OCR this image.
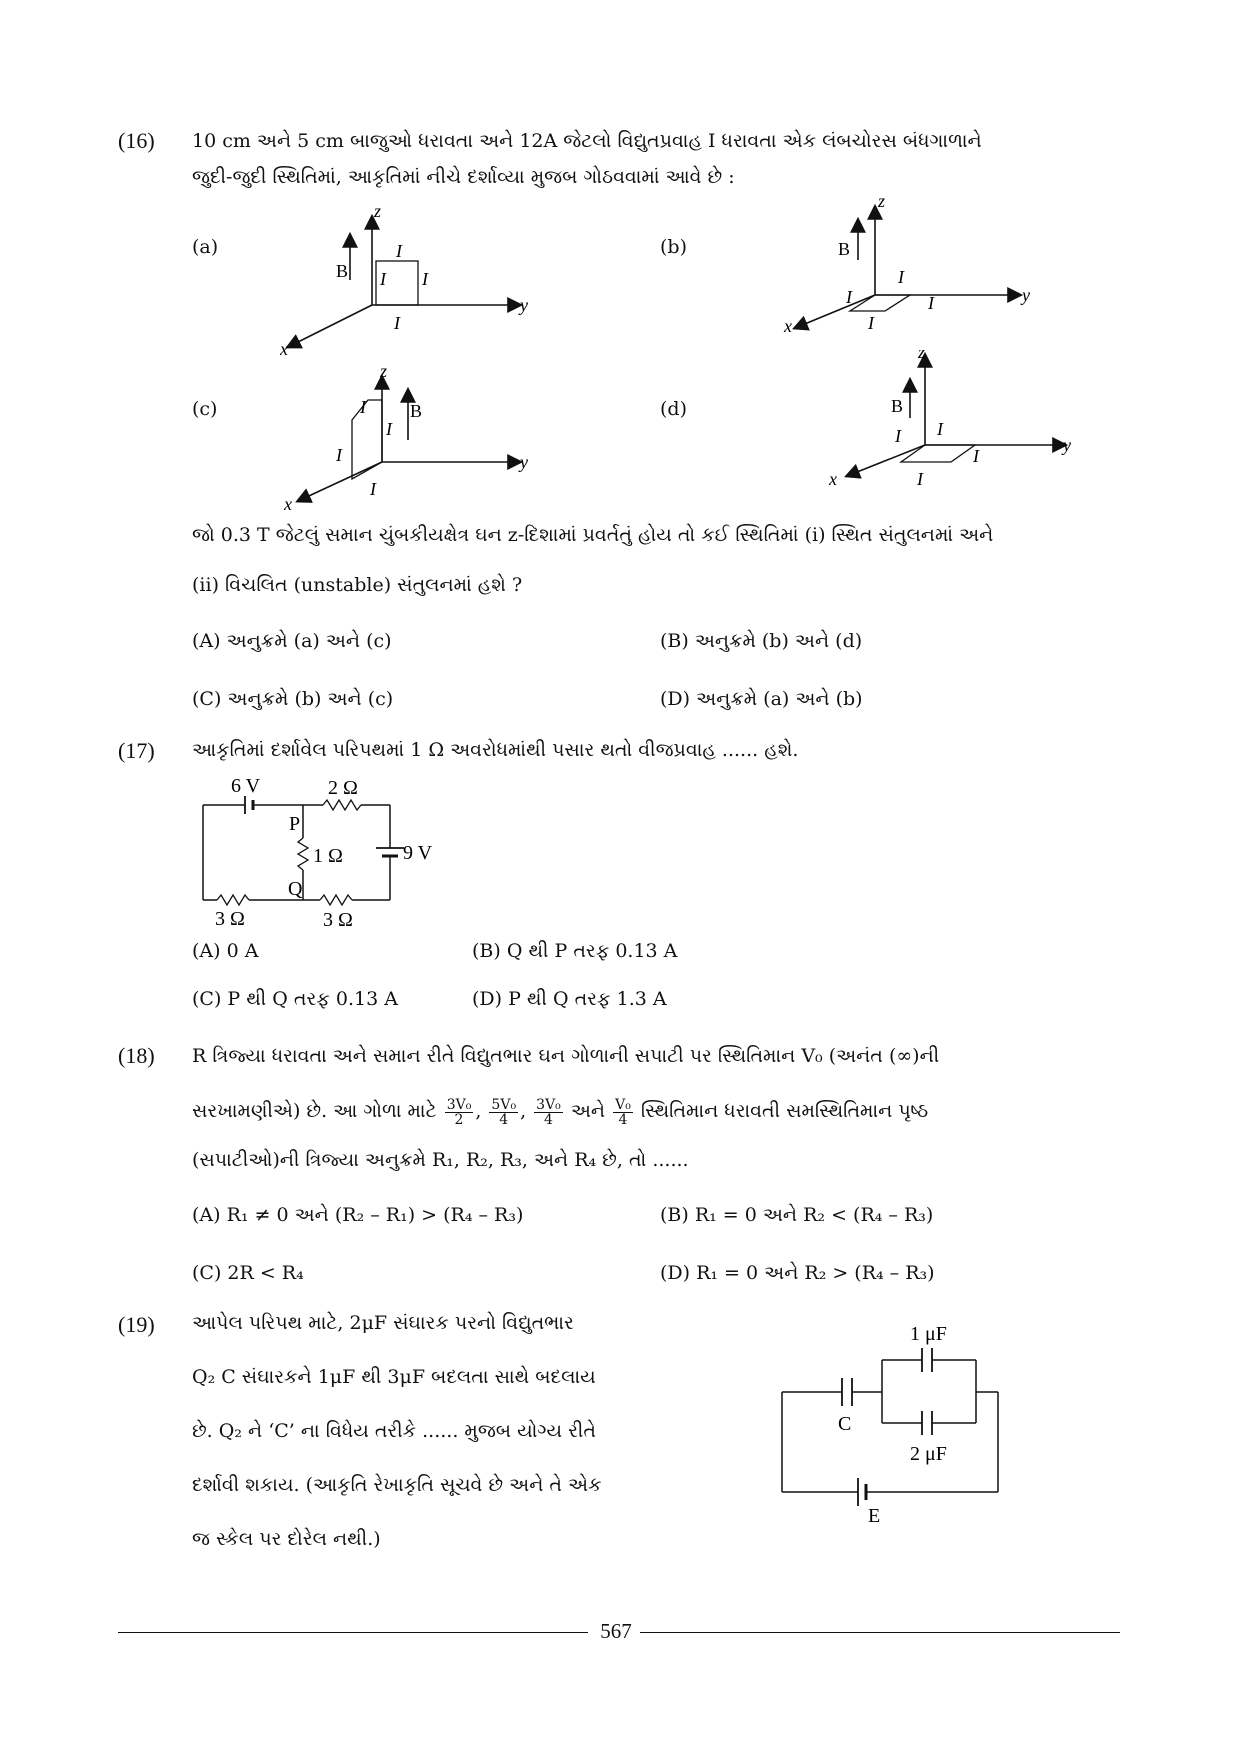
(16) 10 cm અને 5 cm બાજુઓ ધરાવતા અને 12A જેટલો વિદ્યુતપ્રવાહ I ધરાવતા એક લંબચોરસ બંધગાળાને
જુદી-જુદી સ્થિતિમાં, આકૃતિમાં નીચે દર્શાવ્યા મુજબ ગોઠવવામાં આવે છે :
(a)	(b)
(c)	(d)
z
B
I
I I
I
y
x
z
B
I
I	I
I
y
x
z
B
I
I
I
I
y
x
z
B
I
I
I
I
y
x
જો 0.3 T જેટલું સમાન ચુંબકીયક્ષેત્ર ઘન z-દિશામાં પ્રવર્તતું હોય તો કઈ સ્થિતિમાં (i) સ્થિત સંતુલનમાં અને
(ii) વિચલિત (unstable) સંતુલનમાં હશે ?
(A) અનુક્રમે (a) અને (c)	(B) અનુક્રમે (b) અને (d)
(C) અનુક્રમે (b) અને (c)	(D) અનુક્રમે (a) અને (b)
(17) આકૃતિમાં દર્શાવેલ પરિપથમાં 1 Ω અવરોધમાંથી પસાર થતો વીજપ્રવાહ ...... હશે.
6 V	2 Ω
P
1 Ω	9 V
Q
3 Ω	3 Ω
(A) 0 A	(B) Q થી P તરફ 0.13 A
(C) P થી Q તરફ 0.13 A	(D) P થી Q તરફ 1.3 A
(18) R ત્રિજ્યા ધરાવતા અને સમાન રીતે વિદ્યુતભાર ઘન ગોળાની સપાટી પર સ્થિતિમાન V₀ (અનંત (∞)ની
સરખામણીએ) છે. આ ગોળા માટે $\frac{\text{3V₀}}{2}$ , $\frac{\text{5V₀}}{4}$ , $\frac{\text{3V₀}}{4}$ અને $\frac{\text{V₀}}{4}$ સ્થિતિમાન ધરાવતી સમસ્થિતિમાન પૃષ્ઠ
(સપાટીઓ)ની ત્રિજ્યા અનુક્રમે R₁, R₂, R₃, અને R₄ છે, તો ......
(A) R₁ ≠ 0 અને (R₂ – R₁) > (R₄ – R₃)	(B) R₁ = 0 અને R₂ < (R₄ – R₃)
(C) 2R < R₄	(D) R₁ = 0 અને R₂ > (R₄ – R₃)
(19) આપેલ પરિપથ માટે, 2μF સંઘારક પરનો વિદ્યુતભાર
Q₂ C સંઘારકને 1μF થી 3μF બદલતા સાથે બદલાય
છે. Q₂ ને ‘C’ ના વિધેય તરીકે ...... મુજબ યોગ્ય રીતે
દર્શાવી શકાય. (આકૃતિ રેખાકૃતિ સૂચવે છે અને તે એક
જ સ્કેલ પર દોરેલ નથી.)
1 μF
C
2 μF
E
567
